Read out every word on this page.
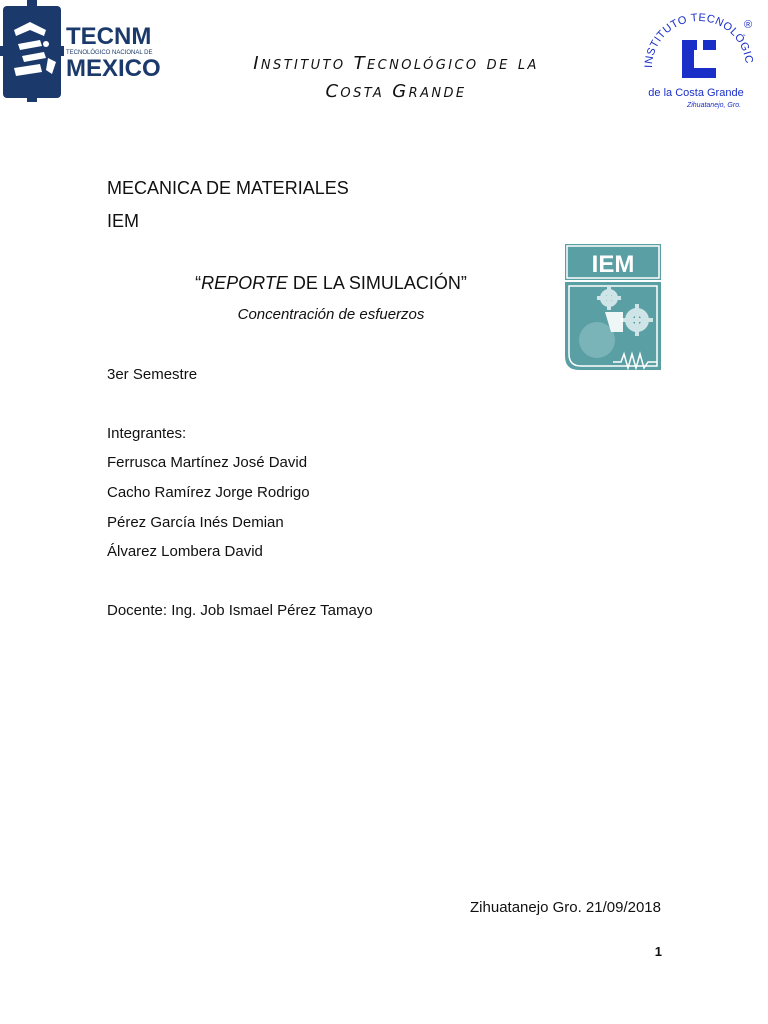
TECNM
TECNOLÓGICO NACIONAL DE
MEXICO	Instituto Tecnológico de la
Costa Grande
INSTITUTO TECNOLÓGIC
®
de la Costa Grande
Zihuatanejo, Gro.
MECANICA DE MATERIALES
IEM
“REPORTE DE LA SIMULACIÓN”
Concentración de esfuerzos
IEM
3er Semestre
Integrantes:
Ferrusca Martínez José David
Cacho Ramírez Jorge Rodrigo
Pérez García Inés Demian
Álvarez Lombera David
Docente: Ing. Job Ismael Pérez Tamayo
Zihuatanejo Gro. 21/09/2018
1
